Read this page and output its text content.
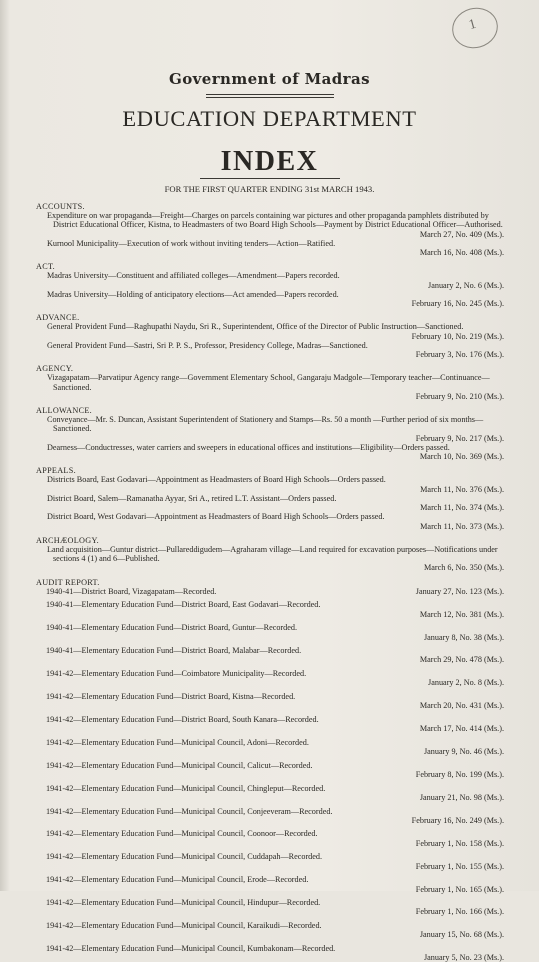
1
Government of Madras
EDUCATION DEPARTMENT
INDEX
FOR THE FIRST QUARTER ENDING 31st MARCH 1943.
ACCOUNTS.
Expenditure on war propaganda—Freight—Charges on parcels containing war pictures and other propaganda pamphlets distributed by District Educational Officer, Kistna, to Headmasters of two Board High Schools—Payment by District Educational Officer—Authorised.
March 27, No. 409 (Ms.).
Kurnool Municipality—Execution of work without inviting tenders—Action—Ratified.
March 16, No. 408 (Ms.).
ACT.
Madras University—Constituent and affiliated colleges—Amendment—Papers recorded.
January 2, No. 6 (Ms.).
Madras University—Holding of anticipatory elections—Act amended—Papers recorded.
February 16, No. 245 (Ms.).
ADVANCE.
General Provident Fund—Raghupathi Naydu, Sri R., Superintendent, Office of the Director of Public Instruction—Sanctioned.
February 10, No. 219 (Ms.).
General Provident Fund—Sastri, Sri P. P. S., Professor, Presidency College, Madras—Sanctioned.
February 3, No. 176 (Ms.).
AGENCY.
Vizagapatam—Parvatipur Agency range—Government Elementary School, Gangaraju Madgole—Temporary teacher—Continuance—Sanctioned.
February 9, No. 210 (Ms.).
ALLOWANCE.
Conveyance—Mr. S. Duncan, Assistant Superintendent of Stationery and Stamps—Rs. 50 a month —Further period of six months—Sanctioned.
February 9, No. 217 (Ms.).
Dearness—Conductresses, water carriers and sweepers in educational offices and institutions—Eligibility—Orders passed.
March 10, No. 369 (Ms.).
APPEALS.
Districts Board, East Godavari—Appointment as Headmasters of Board High Schools—Orders passed.
March 11, No. 376 (Ms.).
District Board, Salem—Ramanatha Ayyar, Sri A., retired L.T. Assistant—Orders passed.
March 11, No. 374 (Ms.).
District Board, West Godavari—Appointment as Headmasters of Board High Schools—Orders passed.
March 11, No. 373 (Ms.).
ARCHÆOLOGY.
Land acquisition—Guntur district—Pullareddigudem—Agraharam village—Land required for excavation purposes—Notifications under sections 4 (1) and 6—Published.
March 6, No. 350 (Ms.).
AUDIT REPORT.
1940-41—District Board, Vizagapatam—Recorded.	January 27, No. 123 (Ms.).
1940-41—Elementary Education Fund—District Board, East Godavari—Recorded.
March 12, No. 381 (Ms.).
1940-41—Elementary Education Fund—District Board, Guntur—Recorded.
January 8, No. 38 (Ms.).
1940-41—Elementary Education Fund—District Board, Malabar—Recorded.
March 29, No. 478 (Ms.).
1941-42—Elementary Education Fund—Coimbatore Municipality—Recorded.
January 2, No. 8 (Ms.).
1941-42—Elementary Education Fund—District Board, Kistna—Recorded.
March 20, No. 431 (Ms.).
1941-42—Elementary Education Fund—District Board, South Kanara—Recorded.
March 17, No. 414 (Ms.).
1941-42—Elementary Education Fund—Municipal Council, Adoni—Recorded.
January 9, No. 46 (Ms.).
1941-42—Elementary Education Fund—Municipal Council, Calicut—Recorded.
February 8, No. 199 (Ms.).
1941-42—Elementary Education Fund—Municipal Council, Chingleput—Recorded.
January 21, No. 98 (Ms.).
1941-42—Elementary Education Fund—Municipal Council, Conjeeveram—Recorded.
February 16, No. 249 (Ms.).
1941-42—Elementary Education Fund—Municipal Council, Coonoor—Recorded.
February 1, No. 158 (Ms.).
1941-42—Elementary Education Fund—Municipal Council, Cuddapah—Recorded.
February 1, No. 155 (Ms.).
1941-42—Elementary Education Fund—Municipal Council, Erode—Recorded.
February 1, No. 165 (Ms.).
1941-42—Elementary Education Fund—Municipal Council, Hindupur—Recorded.
February 1, No. 166 (Ms.).
1941-42—Elementary Education Fund—Municipal Council, Karaikudi—Recorded.
January 15, No. 68 (Ms.).
1941-42—Elementary Education Fund—Municipal Council, Kumbakonam—Recorded.
January 5, No. 23 (Ms.).
